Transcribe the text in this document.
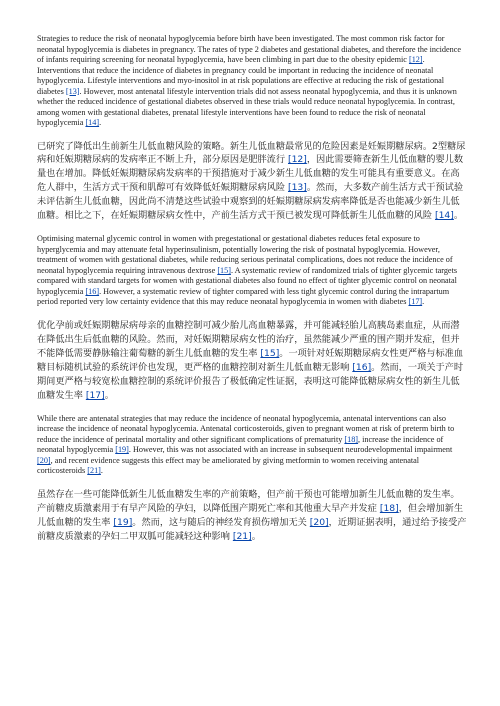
Strategies to reduce the risk of neonatal hypoglycemia before birth have been investigated. The most common risk factor for neonatal hypoglycemia is diabetes in pregnancy. The rates of type 2 diabetes and gestational diabetes, and therefore the incidence of infants requiring screening for neonatal hypoglycemia, have been climbing in part due to the obesity epidemic [12]. Interventions that reduce the incidence of diabetes in pregnancy could be important in reducing the incidence of neonatal hypoglycemia. Lifestyle interventions and myo-inositol in at risk populations are effective at reducing the risk of gestational diabetes [13]. However, most antenatal lifestyle intervention trials did not assess neonatal hypoglycemia, and thus it is unknown whether the reduced incidence of gestational diabetes observed in these trials would reduce neonatal hypoglycemia. In contrast, among women with gestational diabetes, prenatal lifestyle interventions have been found to reduce the risk of neonatal hypoglycemia [14].

已研究了降低出生前新生儿低血糖风险的策略。新生儿低血糖最常见的危险因素是妊娠期糖尿病。2型糖尿病和妊娠期糖尿病的发病率正不断上升，部分原因是肥胖流行 [12]，因此需要筛查新生儿低血糖的婴儿数量也在增加。降低妊娠期糖尿病发病率的干预措施对于减少新生儿低血糖的发生可能具有重要意义。在高危人群中，生活方式干预和肌醇可有效降低妊娠期糖尿病风险 [13]。然而，大多数产前生活方式干预试验未评估新生儿低血糖，因此尚不清楚这些试验中观察到的妊娠期糖尿病发病率降低是否也能减少新生儿低血糖。相比之下，在妊娠期糖尿病女性中，产前生活方式干预已被发现可降低新生儿低血糖的风险 [14]。

Optimising maternal glycemic control in women with pregestational or gestational diabetes reduces fetal exposure to hyperglycemia and may attenuate fetal hyperinsulinism, potentially lowering the risk of postnatal hypoglycemia. However, treatment of women with gestational diabetes, while reducing serious perinatal complications, does not reduce the incidence of neonatal hypoglycemia requiring intravenous dextrose [15]. A systematic review of randomized trials of tighter glycemic targets compared with standard targets for women with gestational diabetes also found no effect of tighter glycemic control on neonatal hypoglycemia [16]. However, a systematic review of tighter compared with less tight glycemic control during the intrapartum period reported very low certainty evidence that this may reduce neonatal hypoglycemia in women with diabetes [17].

优化孕前或妊娠期糖尿病母亲的血糖控制可减少胎儿高血糖暴露，并可能减轻胎儿高胰岛素血症，从而潜在降低出生后低血糖的风险。然而，对妊娠期糖尿病女性的治疗，虽然能减少严重的围产期并发症，但并不能降低需要静脉输注葡萄糖的新生儿低血糖的发生率 [15]。一项针对妊娠期糖尿病女性更严格与标准血糖目标随机试验的系统评价也发现，更严格的血糖控制对新生儿低血糖无影响 [16]。然而，一项关于产时期间更严格与较宽松血糖控制的系统评价报告了极低确定性证据，表明这可能降低糖尿病女性的新生儿低血糖发生率 [17]。

While there are antenatal strategies that may reduce the incidence of neonatal hypoglycemia, antenatal interventions can also increase the incidence of neonatal hypoglycemia. Antenatal corticosteroids, given to pregnant women at risk of preterm birth to reduce the incidence of perinatal mortality and other significant complications of prematurity [18], increase the incidence of neonatal hypoglycemia [19]. However, this was not associated with an increase in subsequent neurodevelopmental impairment [20], and recent evidence suggests this effect may be ameliorated by giving metformin to women receiving antenatal corticosteroids [21].

虽然存在一些可能降低新生儿低血糖发生率的产前策略，但产前干预也可能增加新生儿低血糖的发生率。产前糖皮质激素用于有早产风险的孕妇，以降低围产期死亡率和其他重大早产并发症 [18]，但会增加新生儿低血糖的发生率 [19]。然而，这与随后的神经发育损伤增加无关 [20]，近期证据表明，通过给予接受产前糖皮质激素的孕妇二甲双胍可能减轻这种影响 [21]。
